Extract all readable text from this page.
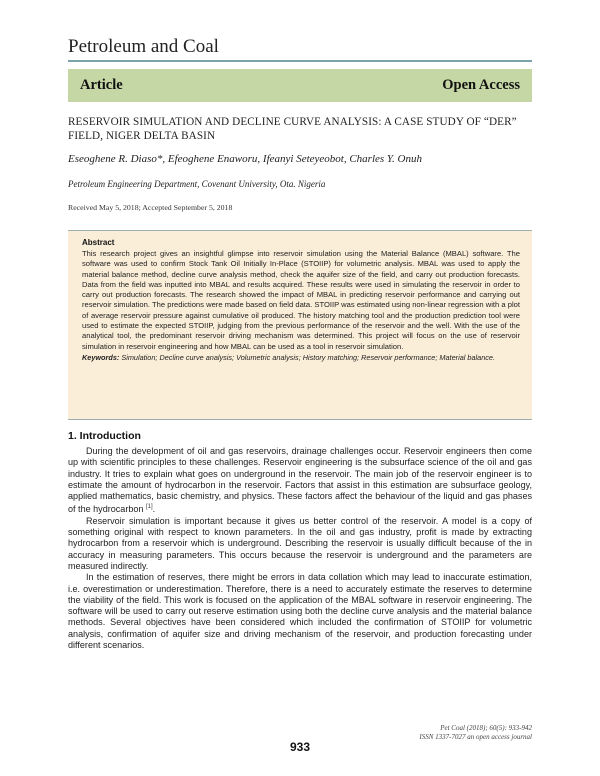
Petroleum and Coal
Article	Open Access
RESERVOIR SIMULATION AND DECLINE CURVE ANALYSIS: A CASE STUDY OF “DER” FIELD, NIGER DELTA BASIN
Eseoghene R. Diaso*, Efeoghene Enaworu, Ifeanyi Seteyeobot, Charles Y. Onuh
Petroleum Engineering Department, Covenant University, Ota. Nigeria
Received May 5, 2018; Accepted September 5, 2018
Abstract
This research project gives an insightful glimpse into reservoir simulation using the Material Balance (MBAL) software. The software was used to confirm Stock Tank Oil Initially In-Place (STOIIP) for volumetric analysis. MBAL was used to apply the material balance method, decline curve analysis method, check the aquifer size of the field, and carry out production forecasts. Data from the field was inputted into MBAL and results acquired. These results were used in simulating the reservoir in order to carry out production forecasts. The research showed the impact of MBAL in predicting reservoir performance and carrying out reservoir simulation. The predictions were made based on field data. STOIIP was estimated using non-linear regression with a plot of average reservoir pressure against cumulative oil produced. The history matching tool and the production prediction tool were used to estimate the expected STOIIP, judging from the previous performance of the reservoir and the well. With the use of the analytical tool, the predominant reservoir driving mechanism was determined. This project will focus on the use of reservoir simulation in reservoir engineering and how MBAL can be used as a tool in reservoir simulation.
Keywords: Simulation; Decline curve analysis; Volumetric analysis; History matching; Reservoir performance; Material balance.
1. Introduction

During the development of oil and gas reservoirs, drainage challenges occur. Reservoir engineers then come up with scientific principles to these challenges. Reservoir engineering is the subsurface science of the oil and gas industry. It tries to explain what goes on underground in the reservoir. The main job of the reservoir engineer is to estimate the amount of hydrocarbon in the reservoir. Factors that assist in this estimation are subsurface geology, applied mathematics, basic chemistry, and physics. These factors affect the behaviour of the liquid and gas phases of the hydrocarbon [1].

Reservoir simulation is important because it gives us better control of the reservoir. A model is a copy of something original with respect to known parameters. In the oil and gas industry, profit is made by extracting hydrocarbon from a reservoir which is underground. Describing the reservoir is usually difficult because of the in accuracy in measuring parameters. This occurs because the reservoir is underground and the parameters are measured indirectly.

In the estimation of reserves, there might be errors in data collation which may lead to inaccurate estimation, i.e. overestimation or underestimation. Therefore, there is a need to accurately estimate the reserves to determine the viability of the field. This work is focused on the application of the MBAL software in reservoir engineering. The software will be used to carry out reserve estimation using both the decline curve analysis and the material balance methods. Several objectives have been considered which included the confirmation of STOIIP for volumetric analysis, confirmation of aquifer size and driving mechanism of the reservoir, and production forecasting under different scenarios.

Pet Coal (2018); 60(5): 933-942
ISSN 1337-7027 an open access journal
933
